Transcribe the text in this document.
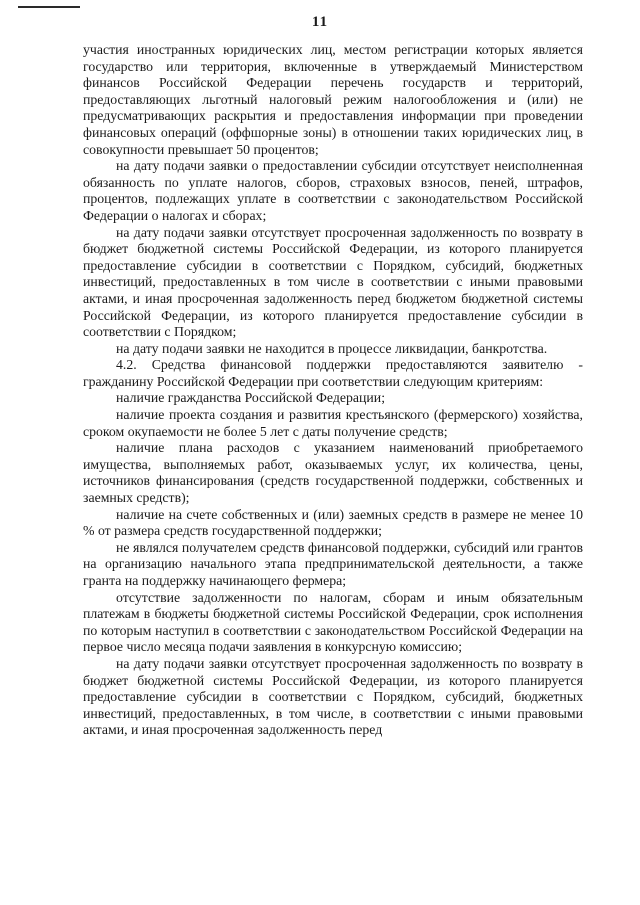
11

участия иностранных юридических лиц, местом регистрации которых является государство или территория, включенные в утверждаемый Министерством финансов Российской Федерации перечень государств и территорий, предоставляющих льготный налоговый режим налогообложения и (или) не предусматривающих раскрытия и предоставления информации при проведении финансовых операций (оффшорные зоны) в отношении таких юридических лиц, в совокупности превышает 50 процентов;

на дату подачи заявки о предоставлении субсидии отсутствует неисполненная обязанность по уплате налогов, сборов, страховых взносов, пеней, штрафов, процентов, подлежащих уплате в соответствии с законодательством Российской Федерации о налогах и сборах;

на дату подачи заявки отсутствует просроченная задолженность по возврату в бюджет бюджетной системы Российской Федерации, из которого планируется предоставление субсидии в соответствии с Порядком, субсидий, бюджетных инвестиций, предоставленных в том числе в соответствии с иными правовыми актами, и иная просроченная задолженность перед бюджетом бюджетной системы Российской Федерации, из которого планируется предоставление субсидии в соответствии с Порядком;

на дату подачи заявки не находится в процессе ликвидации, банкротства.

4.2. Средства финансовой поддержки предоставляются заявителю - гражданину Российской Федерации при соответствии следующим критериям:

наличие гражданства Российской Федерации;

наличие проекта создания и развития крестьянского (фермерского) хозяйства, сроком окупаемости не более 5 лет с даты получение средств;

наличие плана расходов с указанием наименований приобретаемого имущества, выполняемых работ, оказываемых услуг, их количества, цены, источников финансирования (средств государственной поддержки, собственных и заемных средств);

наличие на счете собственных и (или) заемных средств в размере не менее 10 % от размера средств государственной поддержки;

не являлся получателем средств финансовой поддержки, субсидий или грантов на организацию начального этапа предпринимательской деятельности, а также гранта на поддержку начинающего фермера;

отсутствие задолженности по налогам, сборам и иным обязательным платежам в бюджеты бюджетной системы Российской Федерации, срок исполнения по которым наступил в соответствии с законодательством Российской Федерации на первое число месяца подачи заявления в конкурсную комиссию;

на дату подачи заявки отсутствует просроченная задолженность по возврату в бюджет бюджетной системы Российской Федерации, из которого планируется предоставление субсидии в соответствии с Порядком, субсидий, бюджетных инвестиций, предоставленных, в том числе, в соответствии с иными правовыми актами, и иная просроченная задолженность перед
